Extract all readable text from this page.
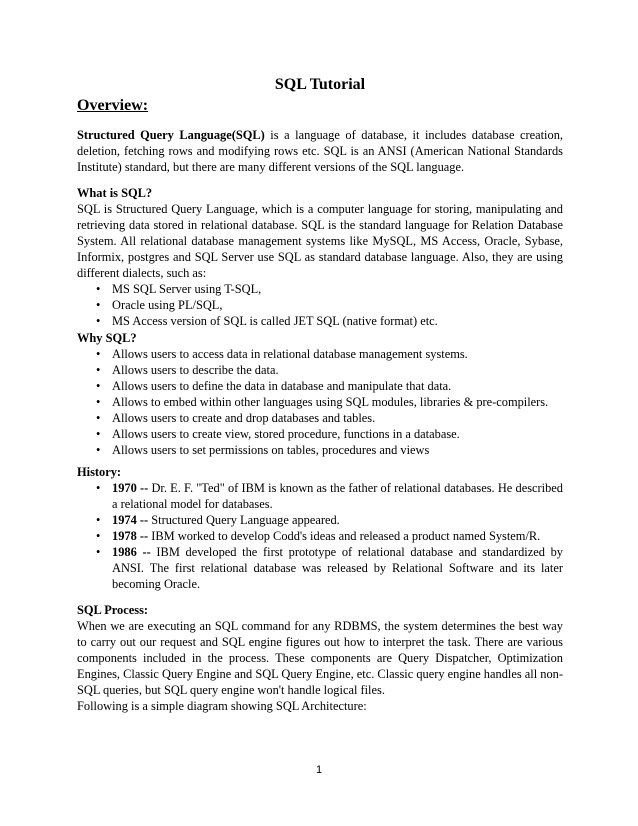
SQL Tutorial
Overview:

Structured Query Language(SQL) is a language of database, it includes database creation, deletion, fetching rows and modifying rows etc. SQL is an ANSI (American National Standards Institute) standard, but there are many different versions of the SQL language.

What is SQL?

SQL is Structured Query Language, which is a computer language for storing, manipulating and retrieving data stored in relational database. SQL is the standard language for Relation Database System. All relational database management systems like MySQL, MS Access, Oracle, Sybase, Informix, postgres and SQL Server use SQL as standard database language. Also, they are using different dialects, such as:

• MS SQL Server using T-SQL,
• Oracle using PL/SQL,
• MS Access version of SQL is called JET SQL (native format) etc.

Why SQL?

• Allows users to access data in relational database management systems.
• Allows users to describe the data.
• Allows users to define the data in database and manipulate that data.
• Allows to embed within other languages using SQL modules, libraries & pre-compilers.
• Allows users to create and drop databases and tables.
• Allows users to create view, stored procedure, functions in a database.
• Allows users to set permissions on tables, procedures and views

History:

• 1970 -- Dr. E. F. "Ted" of IBM is known as the father of relational databases. He described a relational model for databases.
• 1974 -- Structured Query Language appeared.
• 1978 -- IBM worked to develop Codd's ideas and released a product named System/R.
• 1986 -- IBM developed the first prototype of relational database and standardized by ANSI. The first relational database was released by Relational Software and its later becoming Oracle.

SQL Process:

When we are executing an SQL command for any RDBMS, the system determines the best way to carry out our request and SQL engine figures out how to interpret the task. There are various components included in the process. These components are Query Dispatcher, Optimization Engines, Classic Query Engine and SQL Query Engine, etc. Classic query engine handles all non-SQL queries, but SQL query engine won't handle logical files.

Following is a simple diagram showing SQL Architecture:

1
